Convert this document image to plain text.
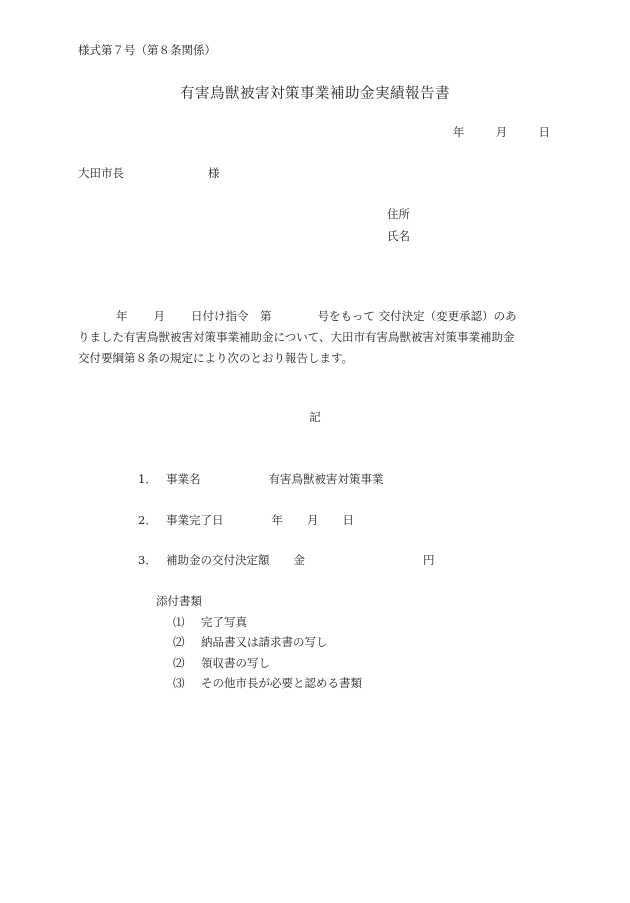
様式第７号（第８条関係）
有害鳥獣被害対策事業補助金実績報告書
年	月	日
大田市長	様
住所
氏名
年 月 日付け指令　第	号をもって 交付決定（変更承認）のあ
りました有害鳥獣被害対策事業補助金について、大田市有害鳥獣被害対策事業補助金
交付要綱第８条の規定により次のとおり報告します。
記
1． 事業名	有害鳥獣被害対策事業
2． 事業完了日	年 月 日
3． 補助金の交付決定額 金	円
添付書類
⑴ 完了写真
⑵ 納品書又は請求書の写し
⑵ 領収書の写し
⑶ その他市長が必要と認める書類
